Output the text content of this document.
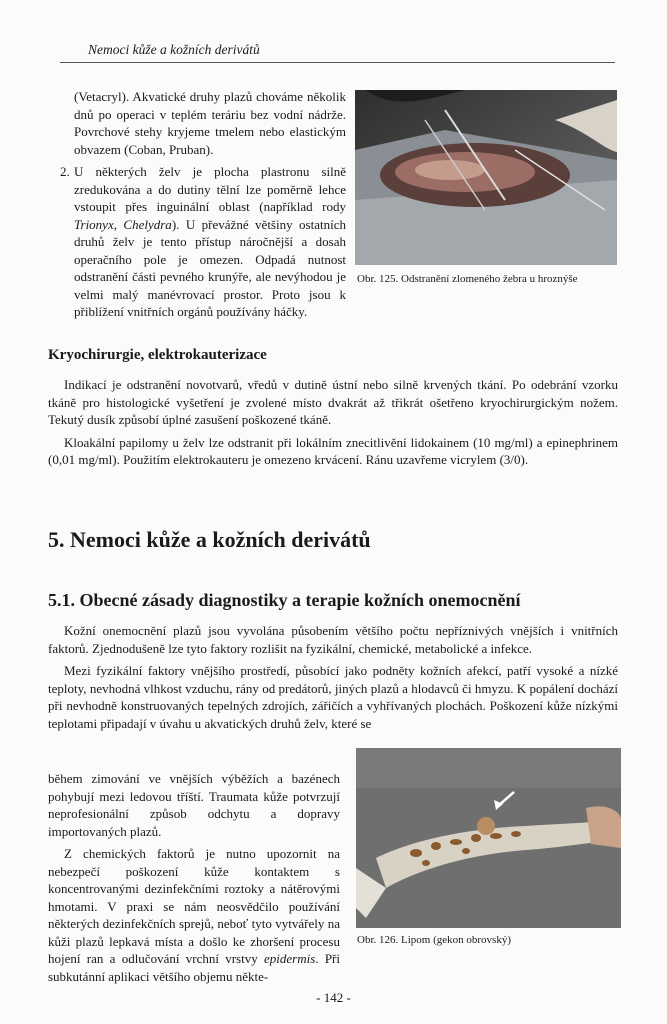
Nemoci kůže a kožních derivátů

(Vetacryl). Akvatické druhy plazů chováme několik dnů po operaci v teplém teráriu bez vodní nádrže. Povrchové stehy kryjeme tmelem nebo elastickým obvazem (Coban, Pruban).

2. U některých želv je plocha plastronu silně zredukována a do dutiny tělní lze poměrně lehce vstoupit přes inguinální oblast (například rody Trionyx, Chelydra). U převážné většiny ostatních druhů želv je tento přístup náročnější a dosah operačního pole je omezen. Odpadá nutnost odstranění části pevného krunýře, ale nevýhodou je velmi malý manévrovací prostor. Proto jsou k přiblížení vnitřních orgánů používány háčky.

Obr. 125. Odstranění zlomeného žebra u hroznýše
Kryochirurgie, elektrokauterizace

Indikací je odstranění novotvarů, vředů v dutině ústní nebo silně krvených tkání. Po odebrání vzorku tkáně pro histologické vyšetření je zvolené místo dvakrát až třikrát ošetřeno kryochirurgickým nožem. Tekutý dusík způsobí úplné zasušení poškozené tkáně.

Kloakální papilomy u želv lze odstranit při lokálním znecitlivění lidokainem (10 mg/ml) a epinephrinem (0,01 mg/ml). Použitím elektrokauteru je omezeno krvácení. Ránu uzavřeme vicrylem (3/0).

5. Nemoci kůže a kožních derivátů
5.1. Obecné zásady diagnostiky a terapie kožních onemocnění

Kožní onemocnění plazů jsou vyvolána působením většího počtu nepříznivých vnějších i vnitřních faktorů. Zjednodušeně lze tyto faktory rozlišit na fyzikální, chemické, metabolické a infekce.

Mezi fyzikální faktory vnějšího prostředí, působící jako podněty kožních afekcí, patří vysoké a nízké teploty, nevhodná vlhkost vzduchu, rány od predátorů, jiných plazů a hlodavců či hmyzu. K popálení dochází při nevhodně konstruovaných tepelných zdrojích, zářičích a vyhřívaných plochách. Poškození kůže nízkými teplotami připadají v úvahu u akvatických druhů želv, které se

během zimování ve vnějších výběžích a bazénech pohybují mezi ledovou tříští. Traumata kůže potvrzují neprofesionální způsob odchytu a dopravy importovaných plazů.

Z chemických faktorů je nutno upozornit na nebezpečí poškození kůže kontaktem s koncentrovanými dezinfekčními roztoky a nátěrovými hmotami. V praxi se nám neosvědčilo používání některých dezinfekčních sprejů, neboť tyto vytvářely na kůži plazů lepkavá místa a došlo ke zhoršení procesu hojení ran a odlučování vrchní vrstvy epidermis. Při subkutánní aplikaci většího objemu někte-

Obr. 126. Lipom (gekon obrovský)
- 142 -
